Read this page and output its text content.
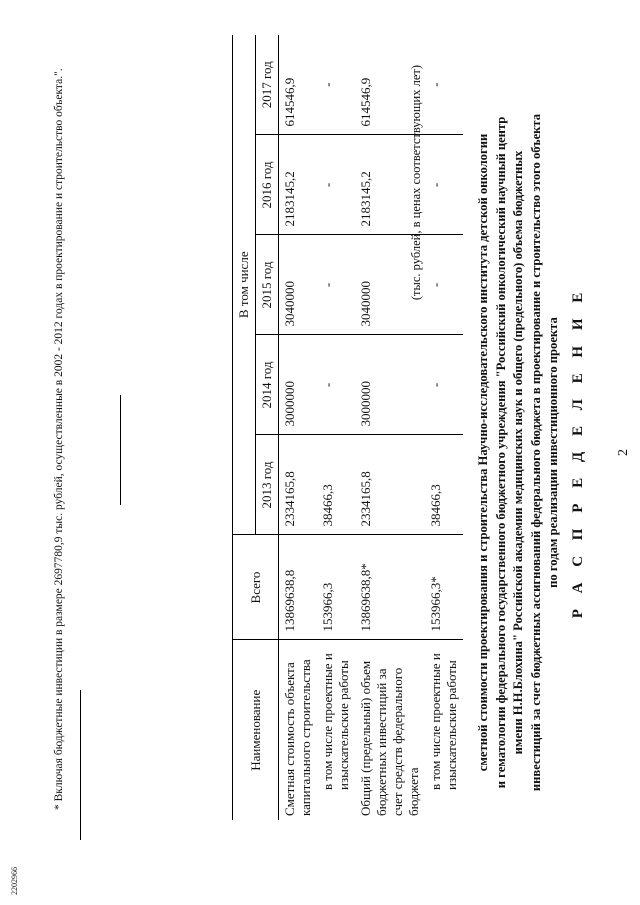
2
Р А С П Р Е Д Е Л Е Н И Е
сметной стоимости проектирования и строительства Научно-исследовательского института детской онкологии и гематологии федерального государственного бюджетного учреждения "Российский онкологический научный центр имени Н.Н.Блохина" Российской академии медицинских наук и общего (предельного) объема бюджетных инвестиций за счет бюджетных ассигнований федерального бюджета в проектирование и строительство этого объекта по годам реализации инвестиционного проекта
(тыс. рублей, в ценах соответствующих лет)
Наименование	Всего	В том числе				
		2013 год	2014 год	2015 год	2016 год	2017 год
Сметная стоимость объекта капитального строительства	13869638,8	2334165,8	3000000	3040000	2183145,2	614546,9
в том числе проектные и изыскательские работы	153966,3	38466,3	-	-	-	-
Общий (предельный) объем бюджетных инвестиций за счет средств федерального бюджета	13869638,8*	2334165,8	3000000	3040000	2183145,2	614546,9
в том числе проектные и изыскательские работы	153966,3*	38466,3	-	-	-	-
* Включая бюджетные инвестиции в размере 2697780,9 тыс. рублей, осуществленные в 2002 - 2012 годах в проектирование и строительство объекта.".
2202966
